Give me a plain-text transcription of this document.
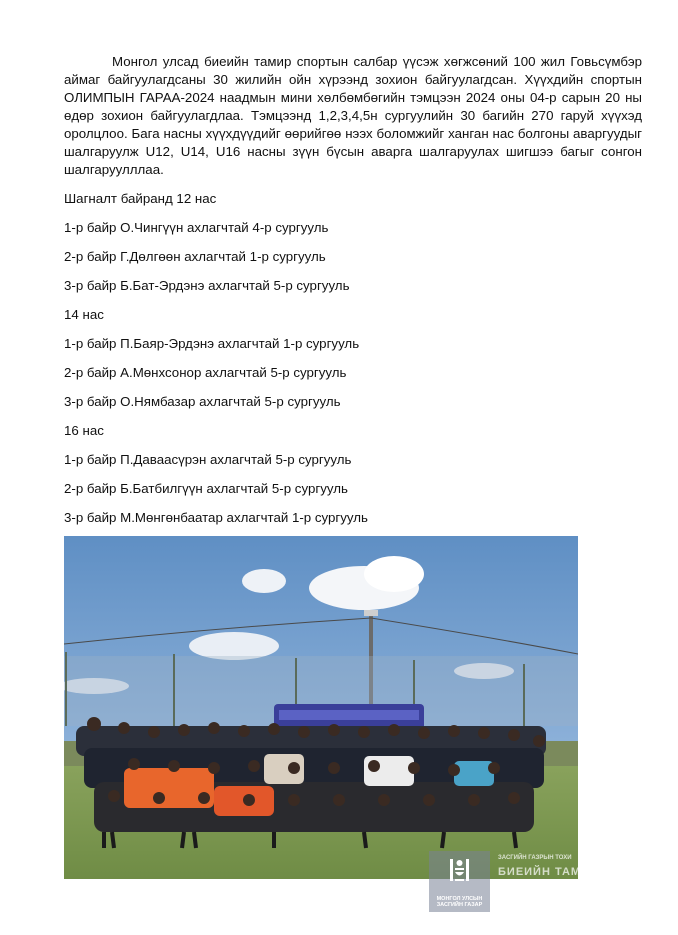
Монгол улсад биеийн тамир спортын салбар үүсэж хөгжсөний 100 жил Говьсүмбэр аймаг байгуулагдсаны 30 жилийн ойн хүрээнд зохион байгуулагдсан. Хүүхдийн спортын ОЛИМПЫН ГАРАА-2024 наадмын мини хөлбөмбөгийн тэмцээн 2024 оны 04-р сарын 20 ны өдөр зохион байгуулагдлаа. Тэмцээнд 1,2,3,4,5н сургуулийн 30 багийн 270 гаруй хүүхэд оролцлоо. Бага насны хүүхдүүдийг өөрийгөө нээх боломжийг ханган нас болгоны аваргуудыг шалгаруулж U12, U14, U16 насны зүүн бүсын аварга шалгаруулах шигшээ багыг сонгон шалгаруулллаа.

Шагналт байранд 12 нас

1-р байр О.Чингүүн ахлагчтай 4-р сургууль

2-р байр Г.Дөлгөөн ахлагчтай 1-р сургууль

3-р байр Б.Бат-Эрдэнэ ахлагчтай 5-р сургууль

14 нас

1-р байр П.Баяр-Эрдэнэ ахлагчтай 1-р сургууль

2-р байр А.Мөнхсонор ахлагчтай 5-р сургууль

3-р байр О.Нямбазар ахлагчтай 5-р сургууль

16 нас

1-р байр П.Даваасүрэн ахлагчтай 5-р сургууль

2-р байр Б.Батбилгүүн ахлагчтай 5-р сургууль

3-р байр М.Мөнгөнбаатар ахлагчтай 1-р сургууль

МОНГОЛ УЛСЫН
ЗАСГИЙН ГАЗАР
ЗАСГИЙН ГАЗРЫН ТОХИ
БИЕИЙН ТАМ
